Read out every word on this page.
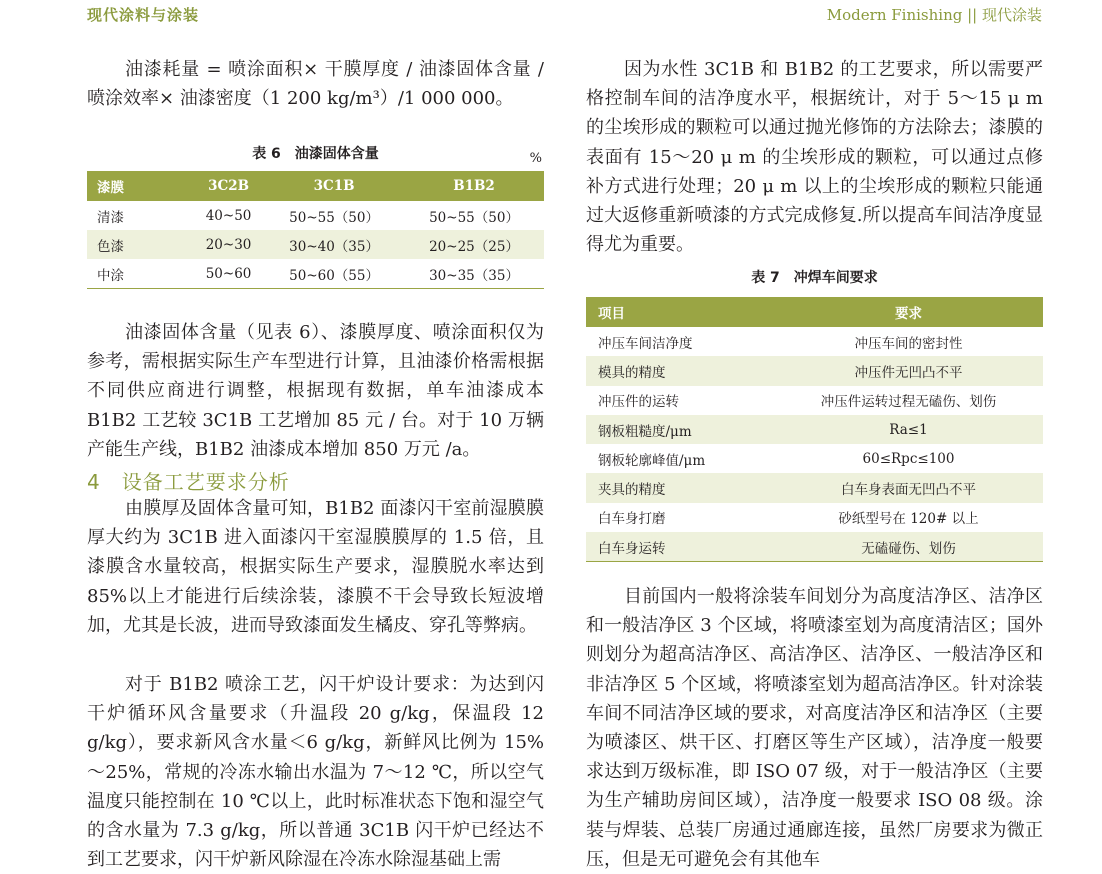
现代涂料与涂装	Modern Finishing || 现代涂装

油漆耗量 = 喷涂面积× 干膜厚度 / 油漆固体含量 / 喷涂效率× 油漆密度（1 200 kg/m³）/1 000 000。

表 6　油漆固体含量	%
漆膜	3C2B	3C1B	B1B2
清漆	40~50	50~55（50）	50~55（50）
色漆	20~30	30~40（35）	20~25（25）
中涂	50~60	50~60（55）	30~35（35）

油漆固体含量（见表 6）、漆膜厚度、喷涂面积仅为参考，需根据实际生产车型进行计算，且油漆价格需根据不同供应商进行调整，根据现有数据，单车油漆成本 B1B2 工艺较 3C1B 工艺增加 85 元 / 台。对于 10 万辆产能生产线，B1B2 油漆成本增加 850 万元 /a。

4　设备工艺要求分析

由膜厚及固体含量可知，B1B2 面漆闪干室前湿膜膜厚大约为 3C1B 进入面漆闪干室湿膜膜厚的 1.5 倍，且漆膜含水量较高，根据实际生产要求，湿膜脱水率达到 85%以上才能进行后续涂装，漆膜不干会导致长短波增加，尤其是长波，进而导致漆面发生橘皮、穿孔等弊病。

对于 B1B2 喷涂工艺，闪干炉设计要求：为达到闪干炉循环风含量要求（升温段 20 g/kg，保温段 12 g/kg），要求新风含水量＜6 g/kg，新鲜风比例为 15%～25%，常规的冷冻水输出水温为 7～12 ℃，所以空气温度只能控制在 10 ℃以上，此时标准状态下饱和湿空气的含水量为 7.3 g/kg，所以普通 3C1B 闪干炉已经达不到工艺要求，闪干炉新风除湿在冷冻水除湿基础上需

因为水性 3C1B 和 B1B2 的工艺要求，所以需要严格控制车间的洁净度水平，根据统计，对于 5～15 μ m 的尘埃形成的颗粒可以通过抛光修饰的方法除去；漆膜的表面有 15～20 μ m 的尘埃形成的颗粒，可以通过点修补方式进行处理；20 μ m 以上的尘埃形成的颗粒只能通过大返修重新喷漆的方式完成修复.所以提高车间洁净度显得尤为重要。

表 7　冲焊车间要求
项目	要求
冲压车间洁净度	冲压车间的密封性
模具的精度	冲压件无凹凸不平
冲压件的运转	冲压件运转过程无磕伤、划伤
钢板粗糙度/μm	Ra≤1
钢板轮廓峰值/μm	60≤Rpc≤100
夹具的精度	白车身表面无凹凸不平
白车身打磨	砂纸型号在 120# 以上
白车身运转	无磕碰伤、划伤

目前国内一般将涂装车间划分为高度洁净区、洁净区和一般洁净区 3 个区域，将喷漆室划为高度清洁区；国外则划分为超高洁净区、高洁净区、洁净区、一般洁净区和非洁净区 5 个区域，将喷漆室划为超高洁净区。针对涂装车间不同洁净区域的要求，对高度洁净区和洁净区（主要为喷漆区、烘干区、打磨区等生产区域），洁净度一般要求达到万级标准，即 ISO 07 级，对于一般洁净区（主要为生产辅助房间区域），洁净度一般要求 ISO 08 级。涂装与焊装、总装厂房通过通廊连接，虽然厂房要求为微正压，但是无可避免会有其他车
